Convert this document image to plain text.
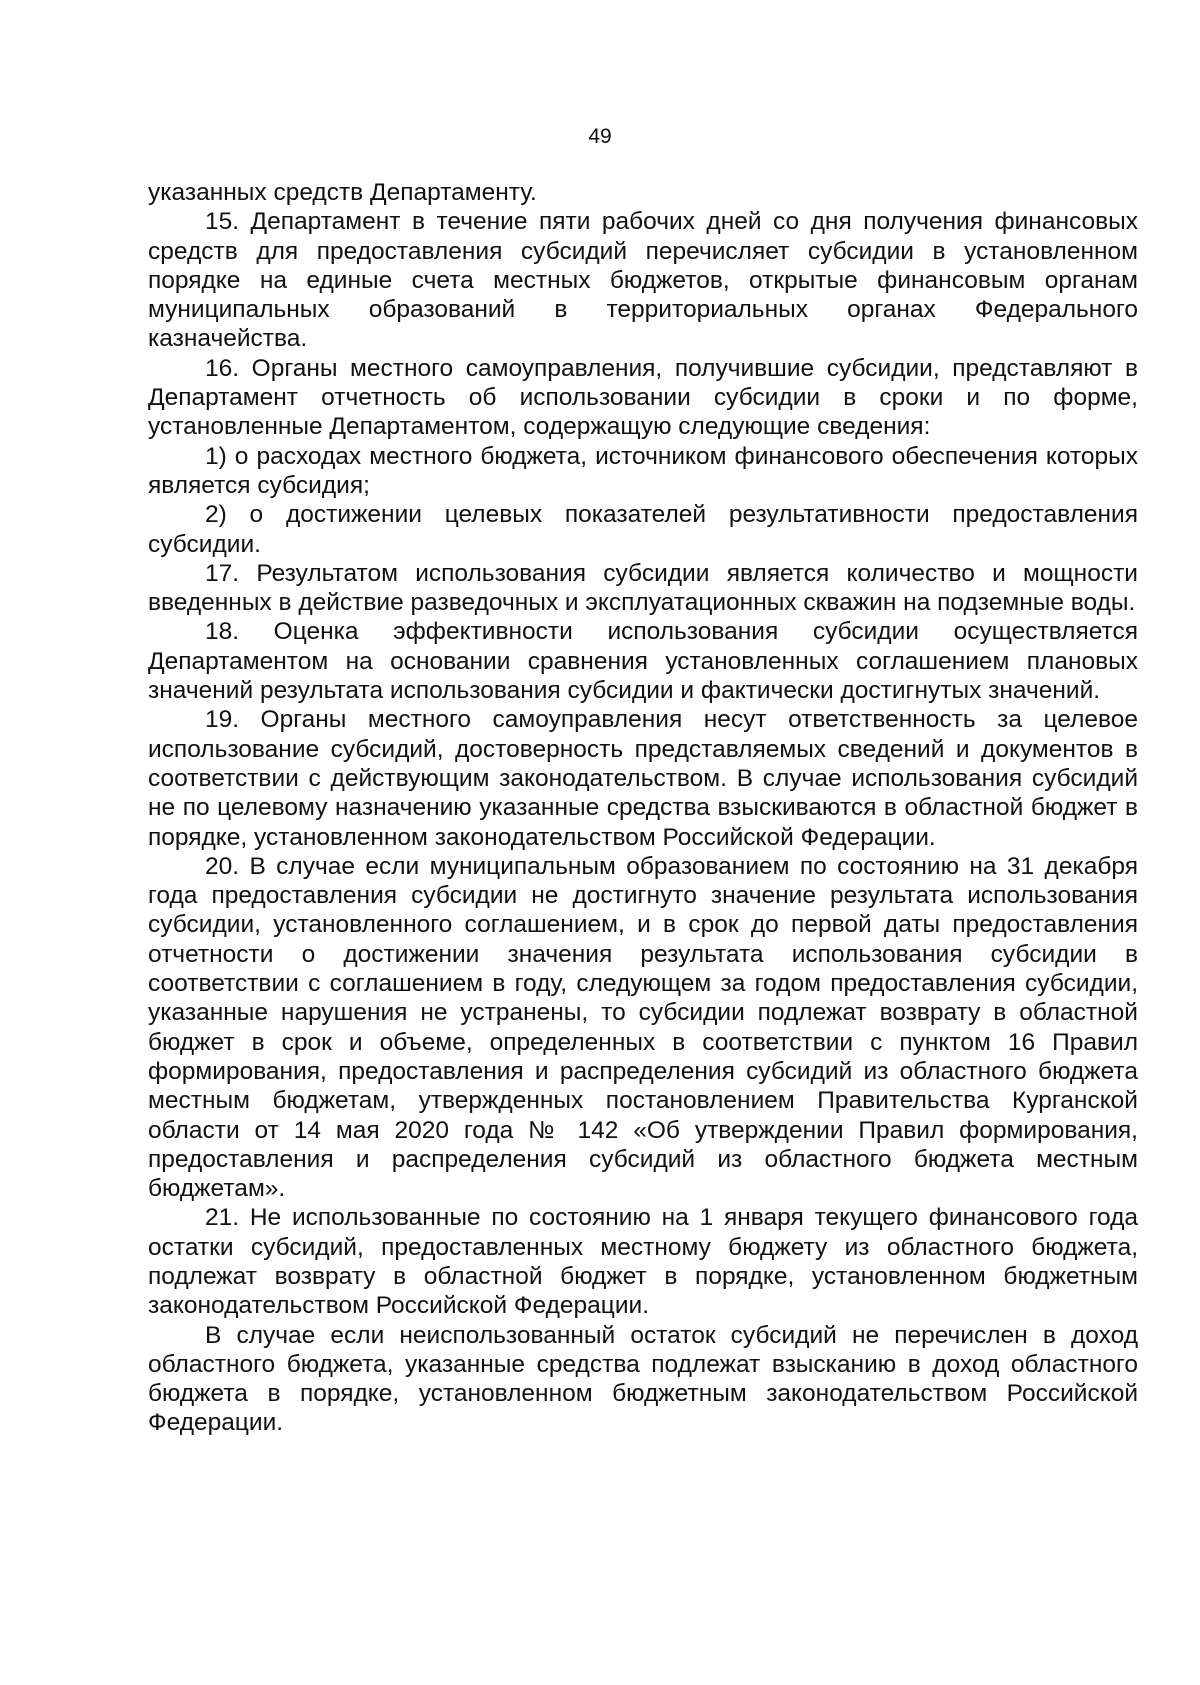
49

указанных средств Департаменту.

15. Департамент в течение пяти рабочих дней со дня получения финансовых средств для предоставления субсидий перечисляет субсидии в установленном порядке на единые счета местных бюджетов, открытые финансовым органам муниципальных образований в территориальных органах Федерального казначейства.

16. Органы местного самоуправления, получившие субсидии, представляют в Департамент отчетность об использовании субсидии в сроки и по форме, установленные Департаментом, содержащую следующие сведения:

1) о расходах местного бюджета, источником финансового обеспечения которых является субсидия;

2) о достижении целевых показателей результативности предоставления субсидии.

17. Результатом использования субсидии является количество и мощности введенных в действие разведочных и эксплуатационных скважин на подземные воды.

18. Оценка эффективности использования субсидии осуществляется Департаментом на основании сравнения установленных соглашением плановых значений результата использования субсидии и фактически достигнутых значений.

19. Органы местного самоуправления несут ответственность за целевое использование субсидий, достоверность представляемых сведений и документов в соответствии с действующим законодательством. В случае использования субсидий не по целевому назначению указанные средства взыскиваются в областной бюджет в порядке, установленном законодательством Российской Федерации.

20. В случае если муниципальным образованием по состоянию на 31 декабря года предоставления субсидии не достигнуто значение результата использования субсидии, установленного соглашением, и в срок до первой даты предоставления отчетности о достижении значения результата использования субсидии в соответствии с соглашением в году, следующем за годом предоставления субсидии, указанные нарушения не устранены, то субсидии подлежат возврату в областной бюджет в срок и объеме, определенных в соответствии с пунктом 16 Правил формирования, предоставления и распределения субсидий из областного бюджета местным бюджетам, утвержденных постановлением Правительства Курганской области от 14 мая 2020 года № 142 «Об утверждении Правил формирования, предоставления и распределения субсидий из областного бюджета местным бюджетам».

21. Не использованные по состоянию на 1 января текущего финансового года остатки субсидий, предоставленных местному бюджету из областного бюджета, подлежат возврату в областной бюджет в порядке, установленном бюджетным законодательством Российской Федерации.

В случае если неиспользованный остаток субсидий не перечислен в доход областного бюджета, указанные средства подлежат взысканию в доход областного бюджета в порядке, установленном бюджетным законодательством Российской Федерации.
